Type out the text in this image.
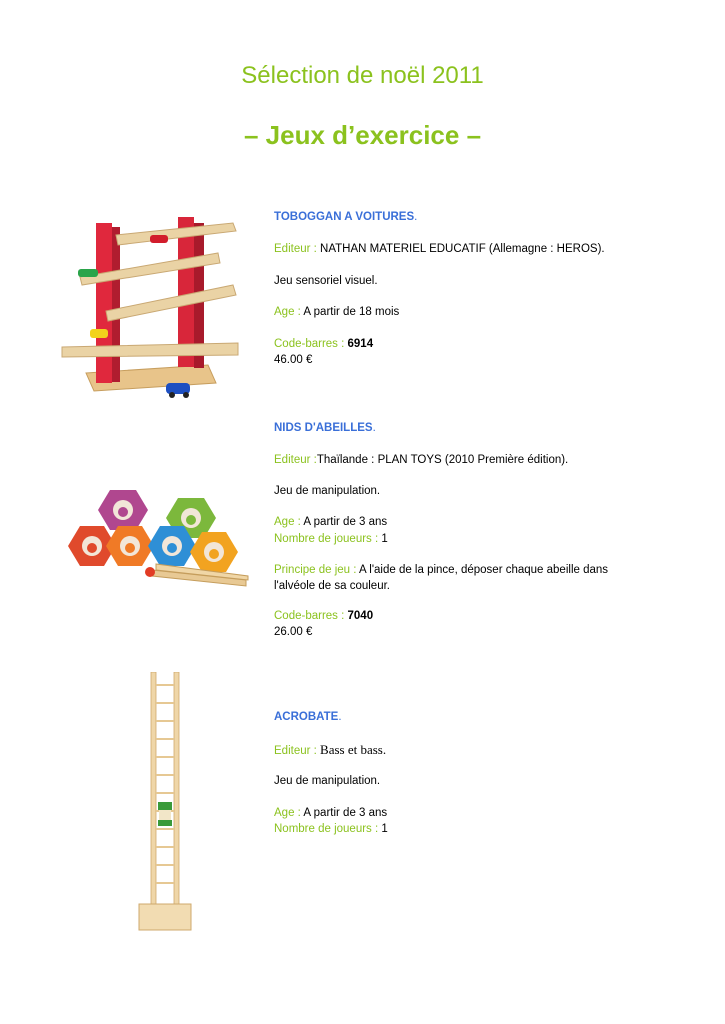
Sélection de noël 2011
– Jeux d’exercice –
TOBOGGAN A VOITURES.
Editeur : NATHAN MATERIEL EDUCATIF (Allemagne : HEROS).
Jeu sensoriel visuel.
Age : A partir de 18 mois
Code-barres : 6914
46.00 €
NIDS D'ABEILLES.
Editeur :Thaïlande : PLAN TOYS (2010 Première édition).
Jeu de manipulation.
Age : A partir de 3 ans
Nombre de joueurs : 1
Principe de jeu : A l'aide de la pince, déposer chaque abeille dans
l'alvéole de sa couleur.
Code-barres : 7040
26.00 €
ACROBATE.
Editeur : Bass et bass.
Jeu de manipulation.
Age : A partir de 3 ans
Nombre de joueurs : 1
